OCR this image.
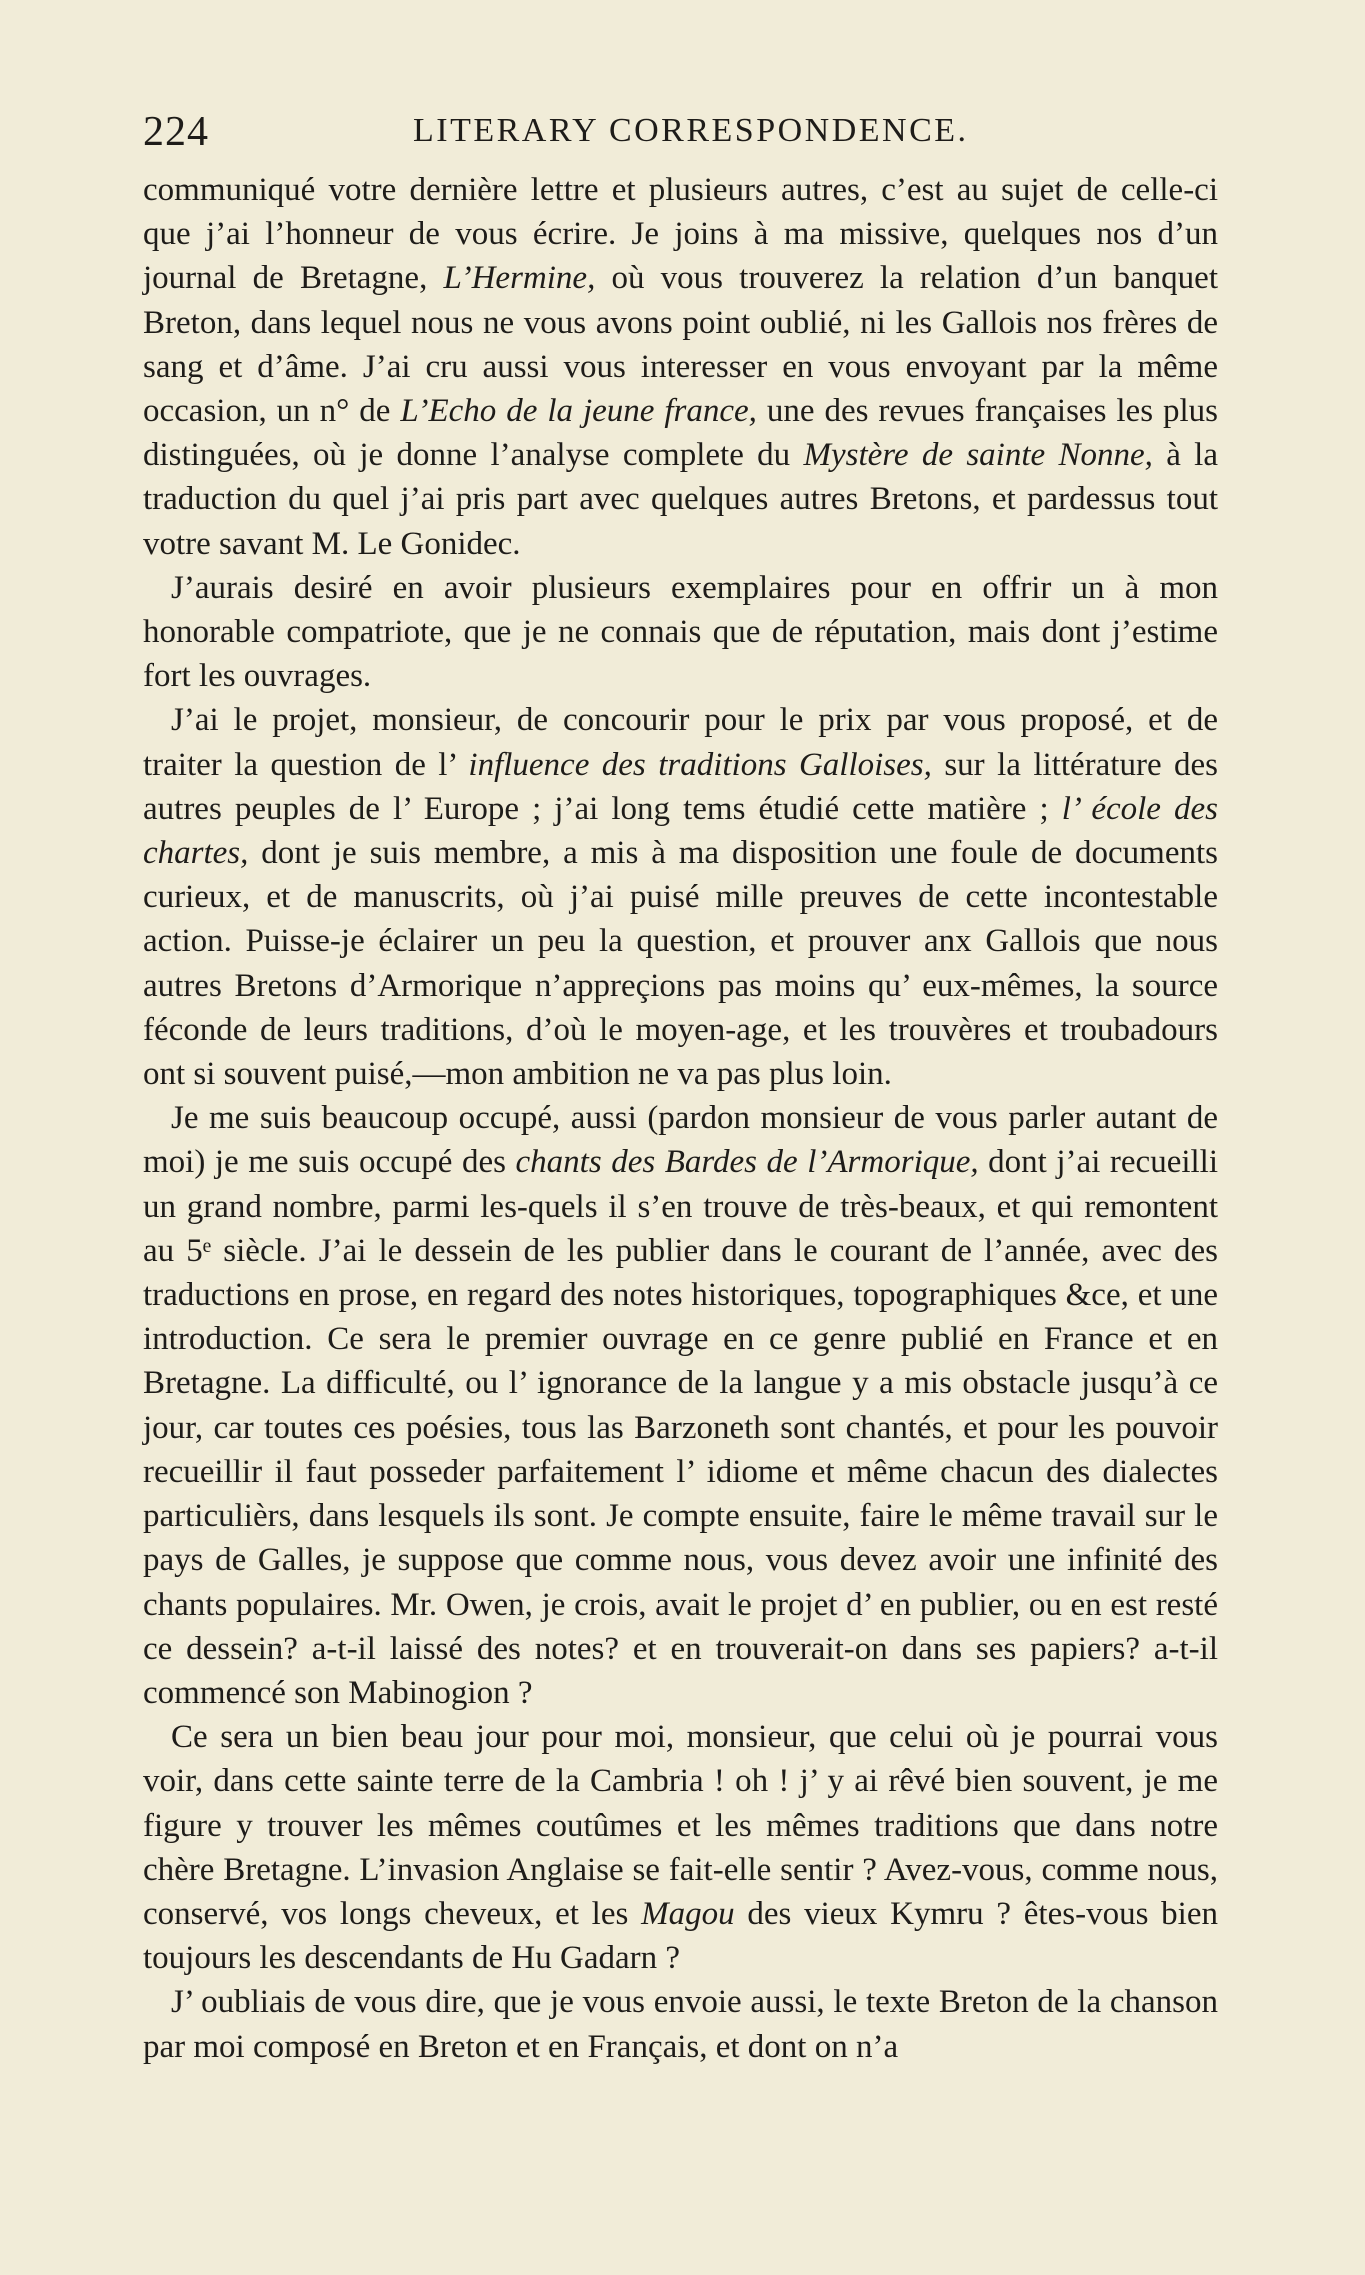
224	LITERARY CORRESPONDENCE.

communiqué votre dernière lettre et plusieurs autres, c’est au sujet de celle-ci que j’ai l’honneur de vous écrire. Je joins à ma missive, quelques nos d’un journal de Bretagne, L’Hermine, où vous trouverez la relation d’un banquet Breton, dans lequel nous ne vous avons point oublié, ni les Gallois nos frères de sang et d’âme. J’ai cru aussi vous interesser en vous envoyant par la même occasion, un n° de L’Echo de la jeune france, une des revues françaises les plus distinguées, où je donne l’analyse complete du Mystère de sainte Nonne, à la traduction du quel j’ai pris part avec quelques autres Bretons, et pardessus tout votre savant M. Le Gonidec.

J’aurais desiré en avoir plusieurs exemplaires pour en offrir un à mon honorable compatriote, que je ne connais que de réputation, mais dont j’estime fort les ouvrages.

J’ai le projet, monsieur, de concourir pour le prix par vous proposé, et de traiter la question de l’ influence des traditions Galloises, sur la littérature des autres peuples de l’ Europe ; j’ai long tems étudié cette matière ; l’ école des chartes, dont je suis membre, a mis à ma disposition une foule de documents curieux, et de manuscrits, où j’ai puisé mille preuves de cette incontestable action. Puisse-je éclairer un peu la question, et prouver anx Gallois que nous autres Bretons d’Armorique n’appreçions pas moins qu’ eux-mêmes, la source féconde de leurs traditions, d’où le moyen-age, et les trouvères et troubadours ont si souvent puisé,—mon ambition ne va pas plus loin.

Je me suis beaucoup occupé, aussi (pardon monsieur de vous parler autant de moi) je me suis occupé des chants des Bardes de l’Armorique, dont j’ai recueilli un grand nombre, parmi les-quels il s’en trouve de très-beaux, et qui remontent au 5ᵉ siècle. J’ai le dessein de les publier dans le courant de l’année, avec des traductions en prose, en regard des notes historiques, topographiques &ce, et une introduction. Ce sera le premier ouvrage en ce genre publié en France et en Bretagne. La difficulté, ou l’ ignorance de la langue y a mis obstacle jusqu’à ce jour, car toutes ces poésies, tous las Barzoneth sont chantés, et pour les pouvoir recueillir il faut posseder parfaitement l’ idiome et même chacun des dialectes particulièrs, dans lesquels ils sont. Je compte ensuite, faire le même travail sur le pays de Galles, je suppose que comme nous, vous devez avoir une infinité des chants populaires. Mr. Owen, je crois, avait le projet d’ en publier, ou en est resté ce dessein? a-t-il laissé des notes? et en trouverait-on dans ses papiers? a-t-il commencé son Mabinogion ?

Ce sera un bien beau jour pour moi, monsieur, que celui où je pourrai vous voir, dans cette sainte terre de la Cambria ! oh ! j’ y ai rêvé bien souvent, je me figure y trouver les mêmes coutûmes et les mêmes traditions que dans notre chère Bretagne. L’invasion Anglaise se fait-elle sentir ? Avez-vous, comme nous, conservé, vos longs cheveux, et les Magou des vieux Kymru ? êtes-vous bien toujours les descendants de Hu Gadarn ?

J’ oubliais de vous dire, que je vous envoie aussi, le texte Breton de la chanson par moi composé en Breton et en Français, et dont on n’a
